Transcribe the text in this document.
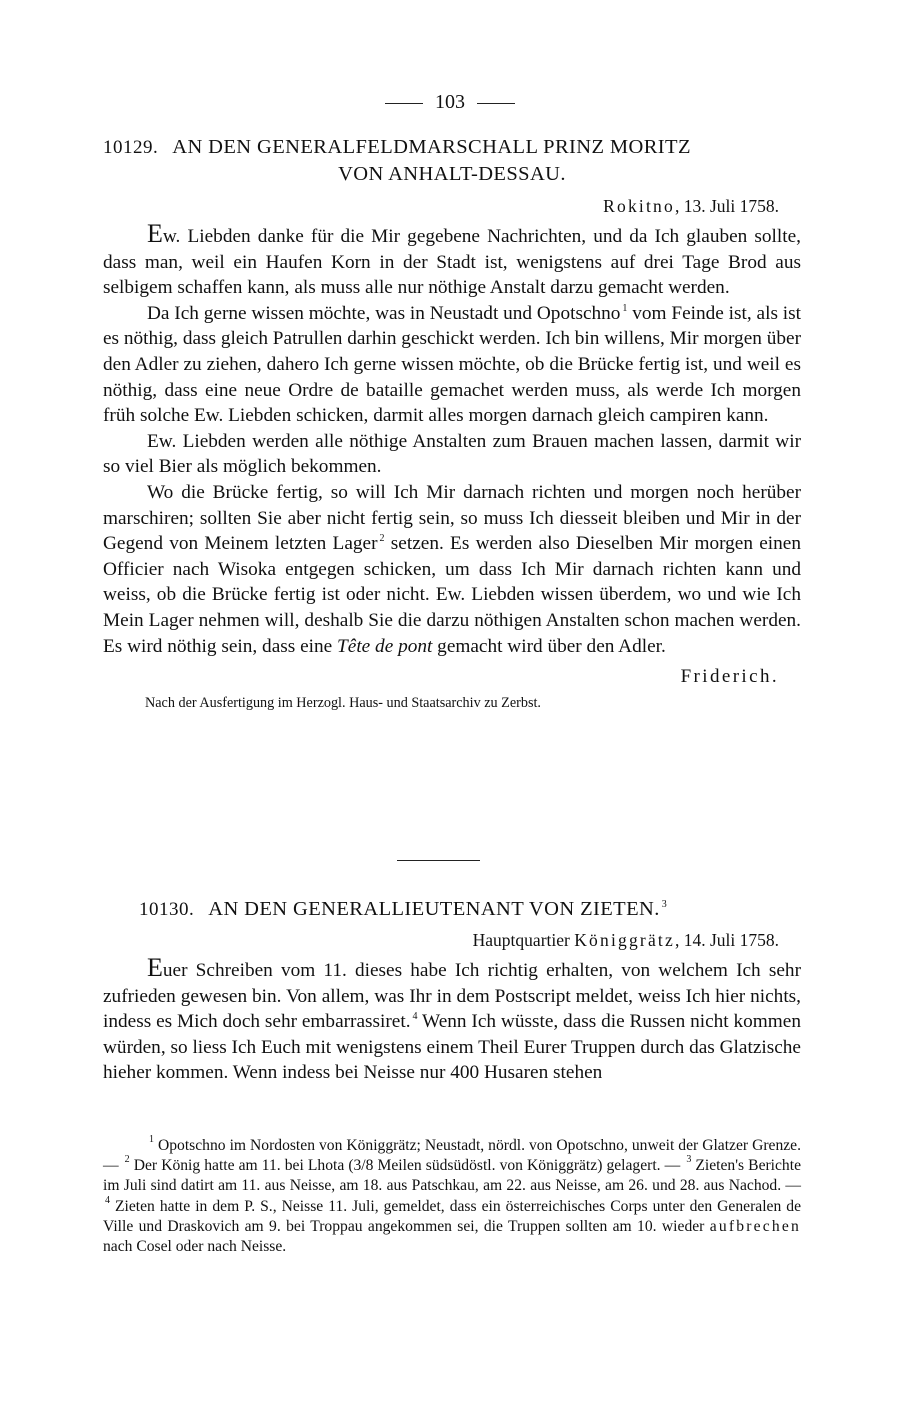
103
10129. AN DEN GENERALFELDMARSCHALL PRINZ MORITZ
VON ANHALT-DESSAU.
Rokitno, 13. Juli 1758.

Ew. Liebden danke für die Mir gegebene Nachrichten, und da Ich glauben sollte, dass man, weil ein Haufen Korn in der Stadt ist, wenigstens auf drei Tage Brod aus selbigem schaffen kann, als muss alle nur nöthige Anstalt darzu gemacht werden.

Da Ich gerne wissen möchte, was in Neustadt und Opotschno $^1$ vom Feinde ist, als ist es nöthig, dass gleich Patrullen darhin geschickt werden. Ich bin willens, Mir morgen über den Adler zu ziehen, dahero Ich gerne wissen möchte, ob die Brücke fertig ist, und weil es nöthig, dass eine neue Ordre de bataille gemachet werden muss, als werde Ich morgen früh solche Ew. Liebden schicken, darmit alles morgen darnach gleich campiren kann.

Ew. Liebden werden alle nöthige Anstalten zum Brauen machen lassen, darmit wir so viel Bier als möglich bekommen.

Wo die Brücke fertig, so will Ich Mir darnach richten und morgen noch herüber marschiren; sollten Sie aber nicht fertig sein, so muss Ich diesseit bleiben und Mir in der Gegend von Meinem letzten Lager $^2$ setzen. Es werden also Dieselben Mir morgen einen Officier nach Wisoka entgegen schicken, um dass Ich Mir darnach richten kann und weiss, ob die Brücke fertig ist oder nicht. Ew. Liebden wissen überdem, wo und wie Ich Mein Lager nehmen will, deshalb Sie die darzu nöthigen Anstalten schon machen werden. Es wird nöthig sein, dass eine Tête de pont gemacht wird über den Adler.

Friderich.
Nach der Ausfertigung im Herzogl. Haus- und Staatsarchiv zu Zerbst.
10130. AN DEN GENERALLIEUTENANT VON ZIETEN. $^3$
Hauptquartier Königgrätz, 14. Juli 1758.

Euer Schreiben vom 11. dieses habe Ich richtig erhalten, von welchem Ich sehr zufrieden gewesen bin. Von allem, was Ihr in dem Postscript meldet, weiss Ich hier nichts, indess es Mich doch sehr embarrassiret. $^4$ Wenn Ich wüsste, dass die Russen nicht kommen würden, so liess Ich Euch mit wenigstens einem Theil Eurer Truppen durch das Glatzische hieher kommen. Wenn indess bei Neisse nur 400 Husaren stehen

$^1$ Opotschno im Nordosten von Königgrätz; Neustadt, nördl. von Opotschno, unweit der Glatzer Grenze. — $^2$ Der König hatte am 11. bei Lhota (3/8 Meilen südsüdöstl. von Königgrätz) gelagert. — $^3$ Zieten's Berichte im Juli sind datirt am 11. aus Neisse, am 18. aus Patschkau, am 22. aus Neisse, am 26. und 28. aus Nachod. — $^4$ Zieten hatte in dem P. S., Neisse 11. Juli, gemeldet, dass ein österreichisches Corps unter den Generalen de Ville und Draskovich am 9. bei Troppau angekommen sei, die Truppen sollten am 10. wieder aufbrechen nach Cosel oder nach Neisse.
